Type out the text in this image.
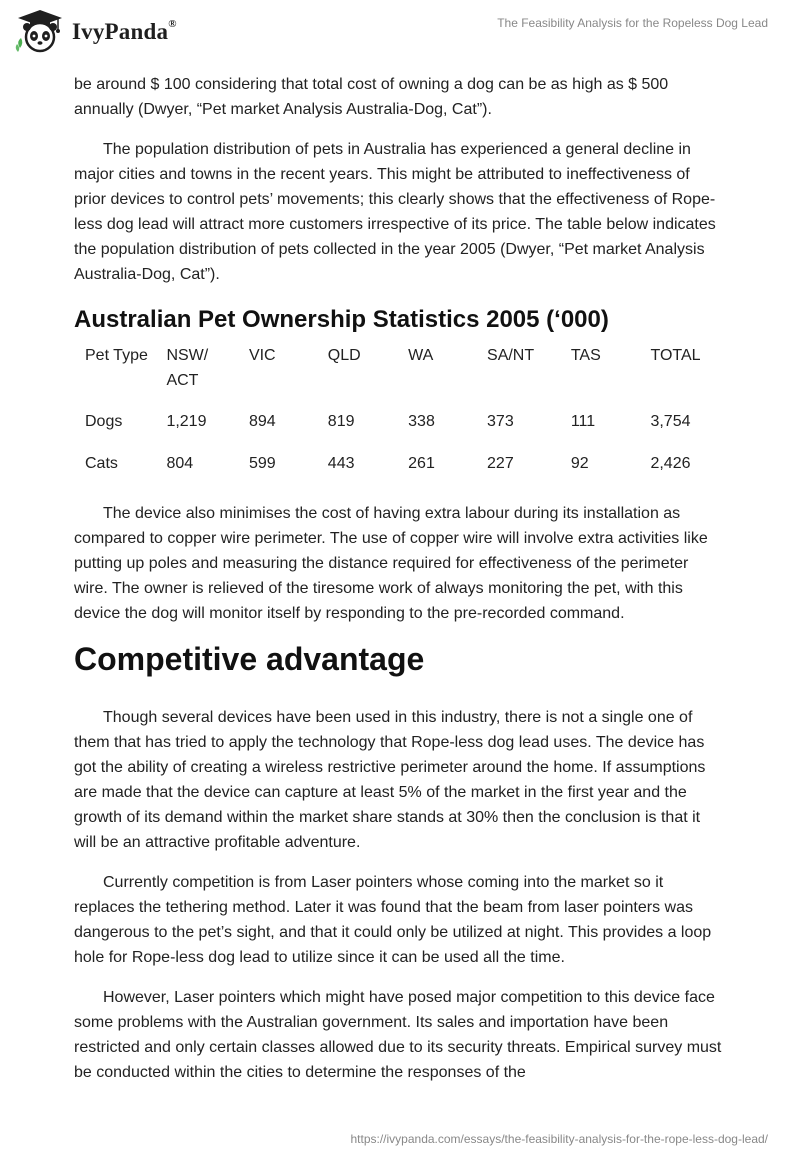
IvyPanda®	The Feasibility Analysis for the Ropeless Dog Lead

be around $ 100 considering that total cost of owning a dog can be as high as $ 500 annually (Dwyer, “Pet market Analysis Australia-Dog, Cat”).

The population distribution of pets in Australia has experienced a general decline in major cities and towns in the recent years. This might be attributed to ineffectiveness of prior devices to control pets’ movements; this clearly shows that the effectiveness of Rope-less dog lead will attract more customers irrespective of its price. The table below indicates the population distribution of pets collected in the year 2005 (Dwyer, “Pet market Analysis Australia-Dog, Cat”).

Australian Pet Ownership Statistics 2005 (‘000)
Pet Type	NSW/ ACT	VIC	QLD	WA	SA/NT	TAS	TOTAL
Dogs	1,219	894	819	338	373	111	3,754
Cats	804	599	443	261	227	92	2,426

The device also minimises the cost of having extra labour during its installation as compared to copper wire perimeter. The use of copper wire will involve extra activities like putting up poles and measuring the distance required for effectiveness of the perimeter wire. The owner is relieved of the tiresome work of always monitoring the pet, with this device the dog will monitor itself by responding to the pre-recorded command.

Competitive advantage

Though several devices have been used in this industry, there is not a single one of them that has tried to apply the technology that Rope-less dog lead uses. The device has got the ability of creating a wireless restrictive perimeter around the home. If assumptions are made that the device can capture at least 5% of the market in the first year and the growth of its demand within the market share stands at 30% then the conclusion is that it will be an attractive profitable adventure.

Currently competition is from Laser pointers whose coming into the market so it replaces the tethering method. Later it was found that the beam from laser pointers was dangerous to the pet’s sight, and that it could only be utilized at night. This provides a loop hole for Rope-less dog lead to utilize since it can be used all the time.

However, Laser pointers which might have posed major competition to this device face some problems with the Australian government. Its sales and importation have been restricted and only certain classes allowed due to its security threats. Empirical survey must be conducted within the cities to determine the responses of the

https://ivypanda.com/essays/the-feasibility-analysis-for-the-rope-less-dog-lead/
